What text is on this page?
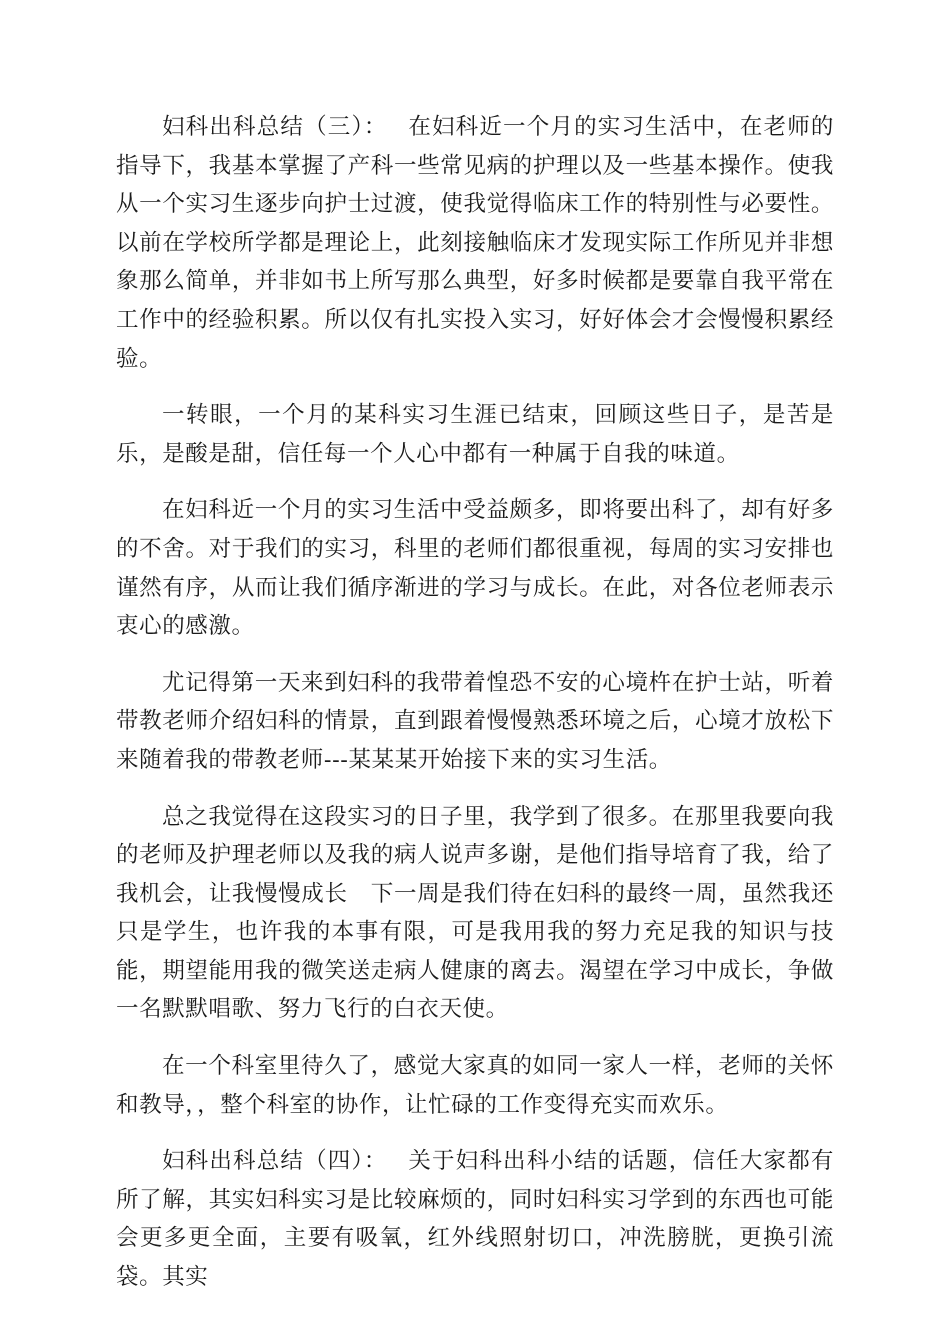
妇科出科总结（三）：　 在妇科近一个月的实习生活中，在老师的指导下，我基本掌握了产科一些常见病的护理以及一些基本操作。使我从一个实习生逐步向护士过渡，使我觉得临床工作的特别性与必要性。以前在学校所学都是理论上，此刻接触临床才发现实际工作所见并非想象那么简单，并非如书上所写那么典型，好多时候都是要靠自我平常在工作中的经验积累。所以仅有扎实投入实习，好好体会才会慢慢积累经验。

一转眼，一个月的某科实习生涯已结束，回顾这些日子，是苦是乐，是酸是甜，信任每一个人心中都有一种属于自我的味道。

在妇科近一个月的实习生活中受益颇多，即将要出科了，却有好多的不舍。对于我们的实习，科里的老师们都很重视，每周的实习安排也谨然有序，从而让我们循序渐进的学习与成长。在此，对各位老师表示衷心的感激。

尤记得第一天来到妇科的我带着惶恐不安的心境杵在护士站，听着带教老师介绍妇科的情景，直到跟着慢慢熟悉环境之后，心境才放松下来随着我的带教老师---某某某开始接下来的实习生活。

总之我觉得在这段实习的日子里，我学到了很多。在那里我要向我的老师及护理老师以及我的病人说声多谢，是他们指导培育了我，给了我机会，让我慢慢成长　下一周是我们待在妇科的最终一周，虽然我还只是学生，也许我的本事有限，可是我用我的努力充足我的知识与技能，期望能用我的微笑送走病人健康的离去。渴望在学习中成长，争做一名默默唱歌、努力飞行的白衣天使。

在一个科室里待久了，感觉大家真的如同一家人一样，老师的关怀和教导，，整个科室的协作，让忙碌的工作变得充实而欢乐。

妇科出科总结（四）：　 关于妇科出科小结的话题，信任大家都有所了解，其实妇科实习是比较麻烦的，同时妇科实习学到的东西也可能会更多更全面，主要有吸氧，红外线照射切口，冲洗膀胱，更换引流袋。其实
